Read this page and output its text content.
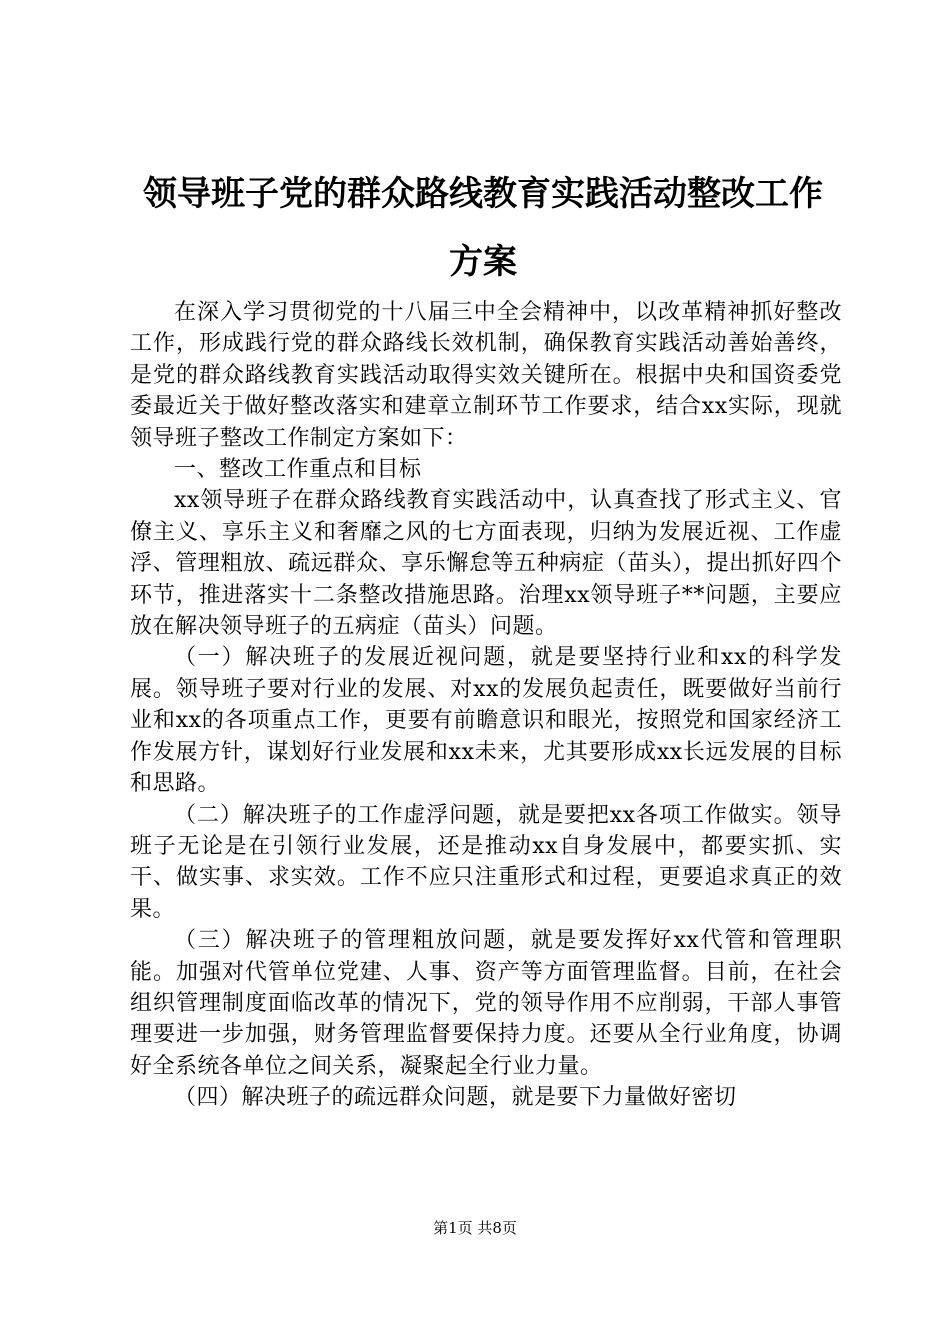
领导班子党的群众路线教育实践活动整改工作方案

在深入学习贯彻党的十八届三中全会精神中，以改革精神抓好整改工作，形成践行党的群众路线长效机制，确保教育实践活动善始善终，是党的群众路线教育实践活动取得实效关键所在。根据中央和国资委党委最近关于做好整改落实和建章立制环节工作要求，结合xx实际，现就领导班子整改工作制定方案如下：

一、整改工作重点和目标

xx领导班子在群众路线教育实践活动中，认真查找了形式主义、官僚主义、享乐主义和奢靡之风的七方面表现，归纳为发展近视、工作虚浮、管理粗放、疏远群众、享乐懈怠等五种病症（苗头），提出抓好四个环节，推进落实十二条整改措施思路。治理xx领导班子**问题，主要应放在解决领导班子的五病症（苗头）问题。

（一）解决班子的发展近视问题，就是要坚持行业和xx的科学发展。领导班子要对行业的发展、对xx的发展负起责任，既要做好当前行业和xx的各项重点工作，更要有前瞻意识和眼光，按照党和国家经济工作发展方针，谋划好行业发展和xx未来，尤其要形成xx长远发展的目标和思路。

（二）解决班子的工作虚浮问题，就是要把xx各项工作做实。领导班子无论是在引领行业发展，还是推动xx自身发展中，都要实抓、实干、做实事、求实效。工作不应只注重形式和过程，更要追求真正的效果。

（三）解决班子的管理粗放问题，就是要发挥好xx代管和管理职能。加强对代管单位党建、人事、资产等方面管理监督。目前，在社会组织管理制度面临改革的情况下，党的领导作用不应削弱，干部人事管理要进一步加强，财务管理监督要保持力度。还要从全行业角度，协调好全系统各单位之间关系，凝聚起全行业力量。

（四）解决班子的疏远群众问题，就是要下力量做好密切

第1页 共8页
